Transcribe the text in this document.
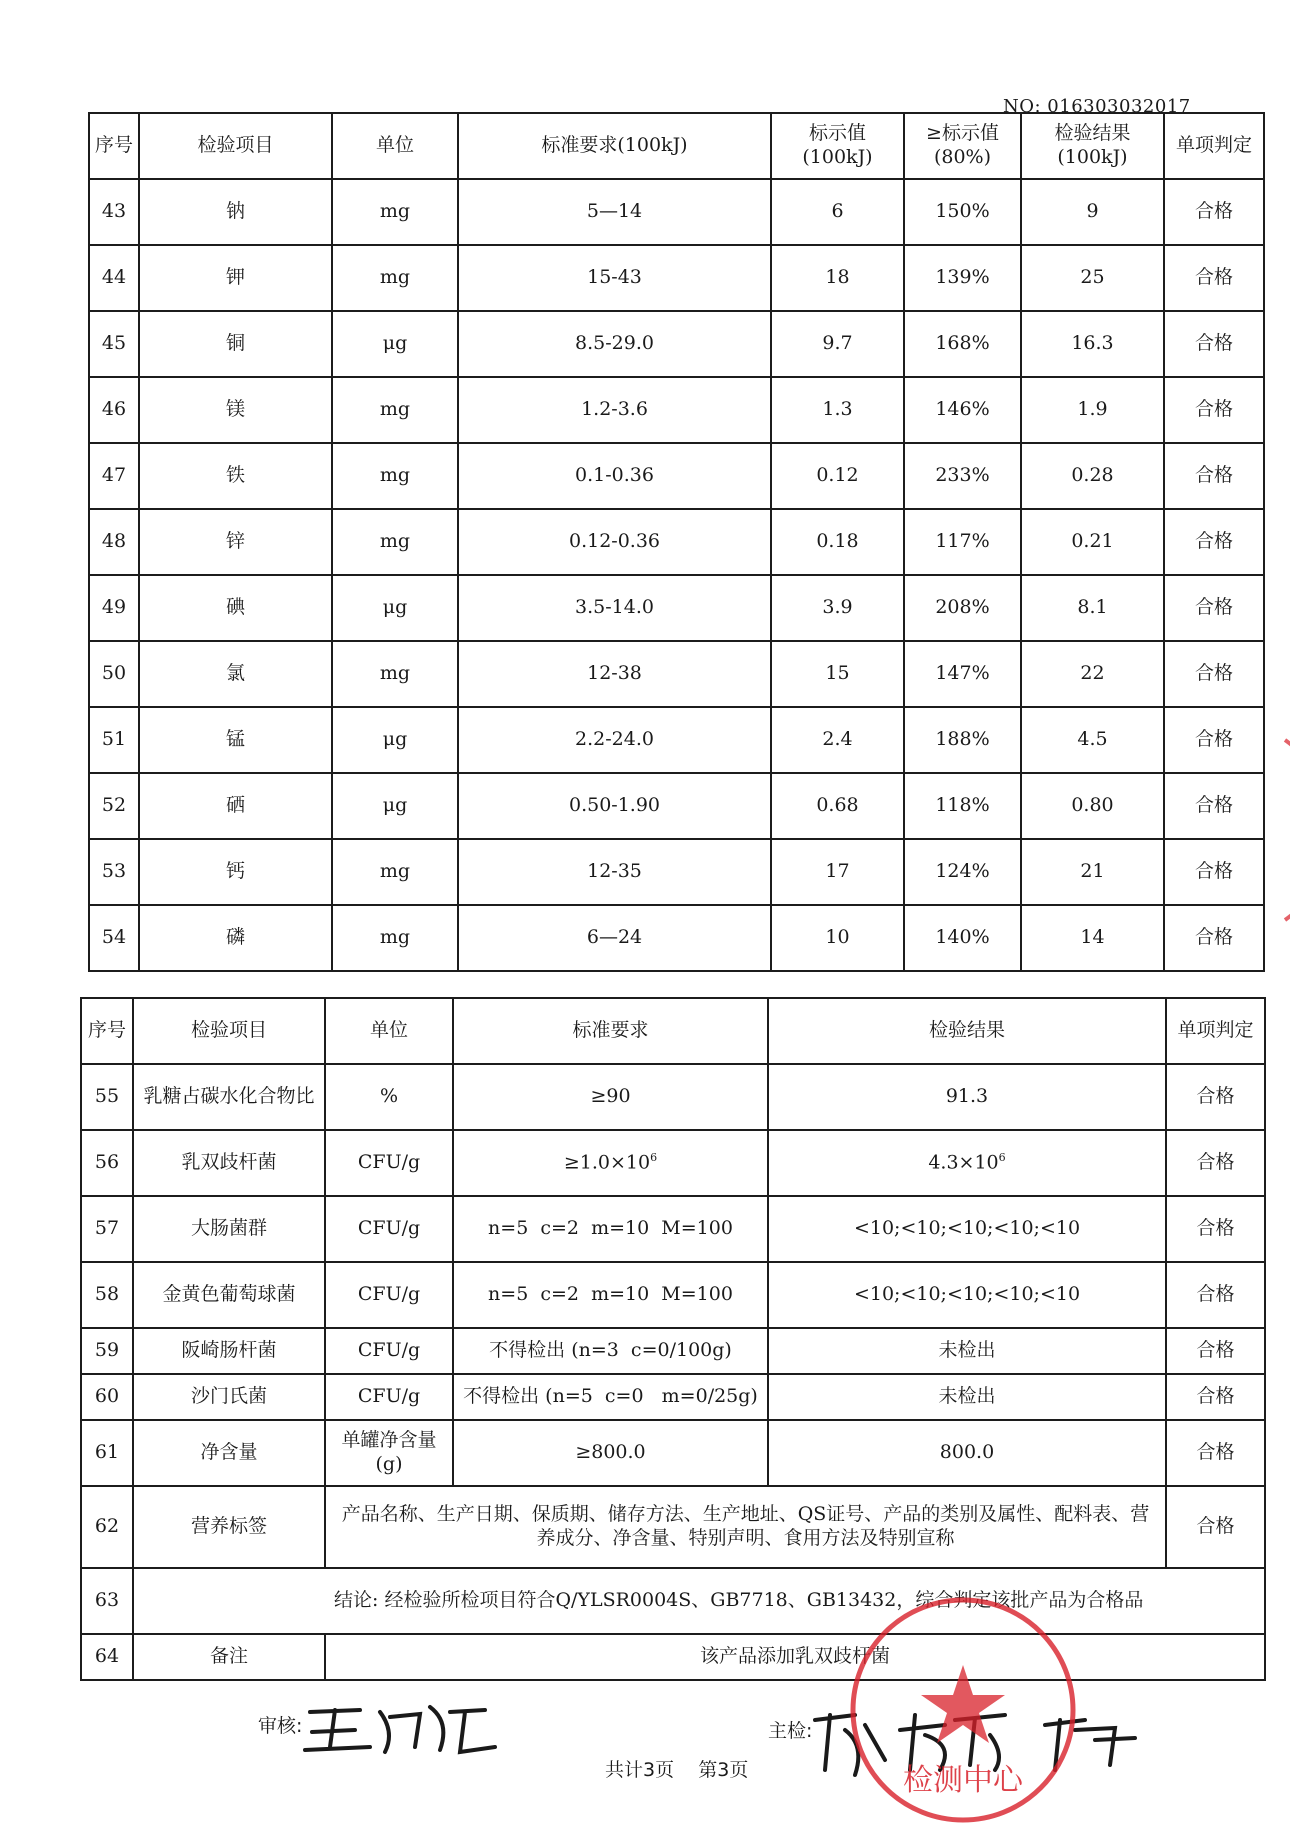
NO: 016303032017
序号	检验项目	单位	标准要求(100kJ)	标示值(100kJ)	≥标示值(80%)	检验结果(100kJ)	单项判定
43	钠	mg	5—14	6	150%	9	合格
44	钾	mg	15-43	18	139%	25	合格
45	铜	μg	8.5-29.0	9.7	168%	16.3	合格
46	镁	mg	1.2-3.6	1.3	146%	1.9	合格
47	铁	mg	0.1-0.36	0.12	233%	0.28	合格
48	锌	mg	0.12-0.36	0.18	117%	0.21	合格
49	碘	μg	3.5-14.0	3.9	208%	8.1	合格
50	氯	mg	12-38	15	147%	22	合格
51	锰	μg	2.2-24.0	2.4	188%	4.5	合格
52	硒	μg	0.50-1.90	0.68	118%	0.80	合格
53	钙	mg	12-35	17	124%	21	合格
54	磷	mg	6—24	10	140%	14	合格
序号	检验项目	单位	标准要求	检验结果	单项判定
55	乳糖占碳水化合物比	%	≥90	91.3	合格
56	乳双歧杆菌	CFU/g	$\ge 1.0\times 10^6$	$4.3\times 10^6$	合格
57	大肠菌群	CFU/g	n=5  c=2  m=10  M=100	<10;<10;<10;<10;<10	合格
58	金黄色葡萄球菌	CFU/g	n=5  c=2  m=10  M=100	<10;<10;<10;<10;<10	合格
59	阪崎肠杆菌	CFU/g	不得检出 (n=3  c=0/100g)	未检出	合格
60	沙门氏菌	CFU/g	不得检出 (n=5  c=0   m=0/25g)	未检出	合格
61	净含量	单罐净含量(g)	≥800.0	800.0	合格
62	营养标签	产品名称、生产日期、保质期、储存方法、生产地址、QS证号、产品的类别及属性、配料表、营养成分、净含量、特别声明、食用方法及特别宣称			合格
63	结论: 经检验所检项目符合Q/YLSR0004S、GB7718、GB13432，综合判定该批产品为合格品				
64	备注	该产品添加乳双歧杆菌			
审核:	主检:
共计3页    第3页	检测中心
